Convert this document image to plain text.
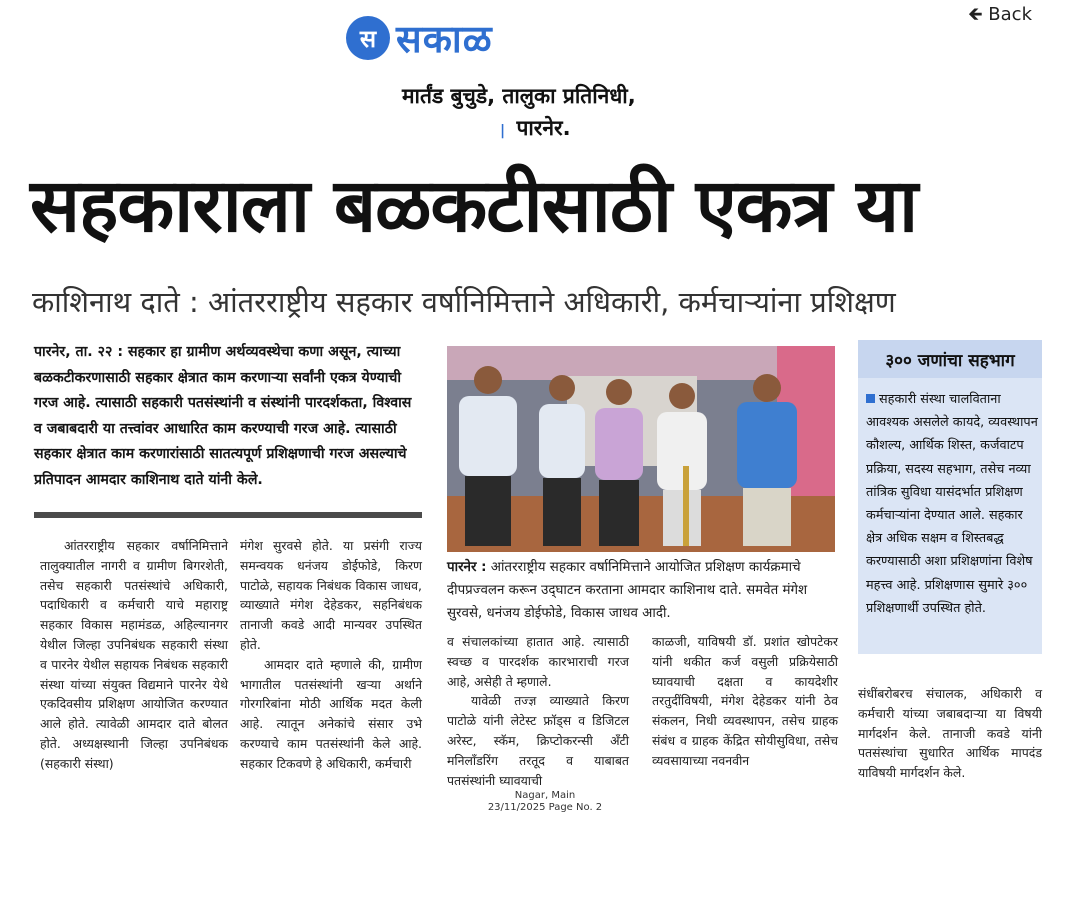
🡸 Back
स सकाळ
मार्तंड बुचुडे, तालुका प्रतिनिधी,
| पारनेर.
सहकाराला बळकटीसाठी एकत्र या
काशिनाथ दाते : आंतरराष्ट्रीय सहकार वर्षानिमित्ताने अधिकारी, कर्मचाऱ्यांना प्रशिक्षण
पारनेर, ता. २२ : सहकार हा ग्रामीण अर्थव्यवस्थेचा कणा असून, त्याच्या बळकटीकरणासाठी सहकार क्षेत्रात काम करणाऱ्या सर्वांनी एकत्र येण्याची गरज आहे. त्यासाठी सहकारी पतसंस्थांनी व संस्थांनी पारदर्शकता, विश्वास व जबाबदारी या तत्त्वांवर आधारित काम करण्याची गरज आहे. त्यासाठी सहकार क्षेत्रात काम करणारांसाठी सातत्यपूर्ण प्रशिक्षणाची गरज असल्याचे प्रतिपादन आमदार काशिनाथ दाते यांनी केले.
आंतरराष्ट्रीय सहकार वर्षानिमित्ताने तालुक्यातील नागरी व ग्रामीण बिगरशेती, तसेच सहकारी पतसंस्थांचे अधिकारी, पदाधिकारी व कर्मचारी याचे महाराष्ट्र सहकार विकास महामंडळ, अहिल्यानगर येथील जिल्हा उपनिबंधक सहकारी संस्था व पारनेर येथील सहायक निबंधक सहकारी संस्था यांच्या संयुक्त विद्यमाने पारनेर येथे एकदिवसीय प्रशिक्षण आयोजित करण्यात आले होते. त्यावेळी आमदार दाते बोलत होते. अध्यक्षस्थानी जिल्हा उपनिबंधक (सहकारी संस्था)
मंगेश सुरवसे होते. या प्रसंगी राज्य समन्वयक धनंजय डोईफोडे, किरण पाटोळे, सहायक निबंधक विकास जाधव, व्याख्याते मंगेश देहेडकर, सहनिबंधक तानाजी कवडे आदी मान्यवर उपस्थित होते.
आमदार दाते म्हणाले की, ग्रामीण भागातील पतसंस्थांनी खऱ्या अर्थाने गोरगरिबांना मोठी आर्थिक मदत केली आहे. त्यातून अनेकांचे संसार उभे करण्याचे काम पतसंस्थांनी केले आहे. सहकार टिकवणे हे अधिकारी, कर्मचारी
पारनेर : आंतरराष्ट्रीय सहकार वर्षानिमित्ताने आयोजित प्रशिक्षण कार्यक्रमाचे दीपप्रज्वलन करून उद्‌घाटन करताना आमदार काशिनाथ दाते. समवेत मंगेश सुरवसे, धनंजय डोईफोडे, विकास जाधव आदी.
व संचालकांच्या हातात आहे. त्यासाठी स्वच्छ व पारदर्शक कारभाराची गरज आहे, असेही ते म्हणाले.
यावेळी तज्ज्ञ व्याख्याते किरण पाटोळे यांनी लेटेस्ट फ्रॉड्स व डिजिटल अरेस्ट, स्कॅम, क्रिप्टोकरन्सी अँटी मनिलाँडरिंग तरतूद व याबाबत पतसंस्थांनी घ्यावयाची
काळजी, याविषयी डॉ. प्रशांत खोपटेकर यांनी थकीत कर्ज वसुली प्रक्रियेसाठी घ्यावयाची दक्षता व कायदेशीर तरतुदींविषयी, मंगेश देहेडकर यांनी ठेव संकलन, निधी व्यवस्थापन, तसेच ग्राहक संबंध व ग्राहक केंद्रित सोयीसुविधा, तसेच व्यवसायाच्या नवनवीन
३०० जणांचा सहभाग
सहकारी संस्था चालविताना आवश्यक असलेले कायदे, व्यवस्थापन कौशल्य, आर्थिक शिस्त, कर्जवाटप प्रक्रिया, सदस्य सहभाग, तसेच नव्या तांत्रिक सुविधा यासंदर्भात प्रशिक्षण कर्मचाऱ्यांना देण्यात आले. सहकार क्षेत्र अधिक सक्षम व शिस्तबद्ध करण्यासाठी अशा प्रशिक्षणांना विशेष महत्त्व आहे. प्रशिक्षणास सुमारे ३०० प्रशिक्षणार्थी उपस्थित होते.
संधींबरोबरच संचालक, अधिकारी व कर्मचारी यांच्या जबाबदाऱ्या या विषयी मार्गदर्शन केले. तानाजी कवडे यांनी पतसंस्थांचा सुधारित आर्थिक मापदंड याविषयी मार्गदर्शन केले.
Nagar, Main
23/11/2025 Page No. 2
